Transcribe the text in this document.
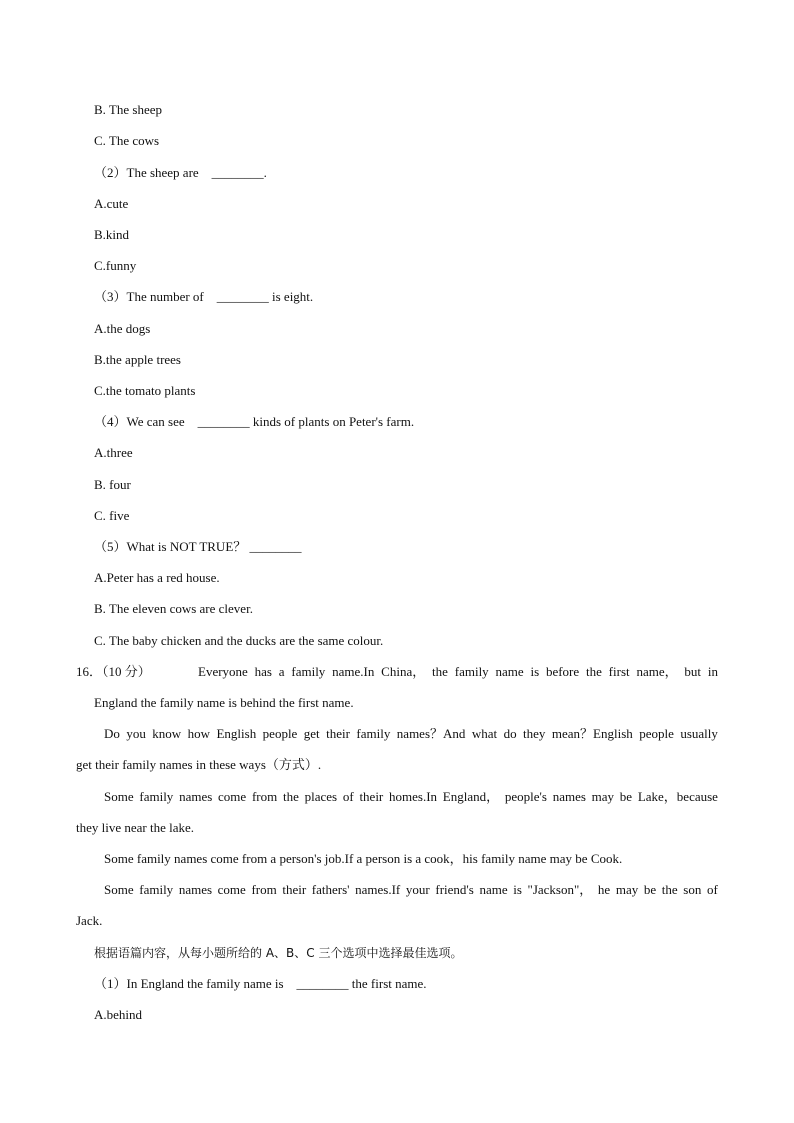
B. The sheep
C. The cows
（2）The sheep are    ________.
A.cute
B.kind
C.funny
（3）The number of    ________ is eight.
A.the dogs
B.the apple trees
C.the tomato plants
（4）We can see    ________ kinds of plants on Peter's farm.
A.three
B. four
C. five
（5）What is NOT TRUE？ ________
A.Peter has a red house.
B. The eleven cows are clever.
C. The baby chicken and the ducks are the same colour.
16．（10 分）	Everyone has a family name.In China， the family name is before the first name， but in
England the family name is behind the first name.
Do you know how English people get their family names？And what do they mean？English people usually
get their family names in these ways（方式）.
Some family names come from the places of their homes.In England， people's names may be Lake，because
they live near the lake.
Some family names come from a person's job.If a person is a cook，his family name may be Cook.
Some family names come from their fathers' names.If your friend's name is "Jackson"， he may be the son of
Jack.
根据语篇内容，从每小题所给的 A、B、C 三个选项中选择最佳选项。
（1）In England the family name is    ________ the first name.
A.behind
